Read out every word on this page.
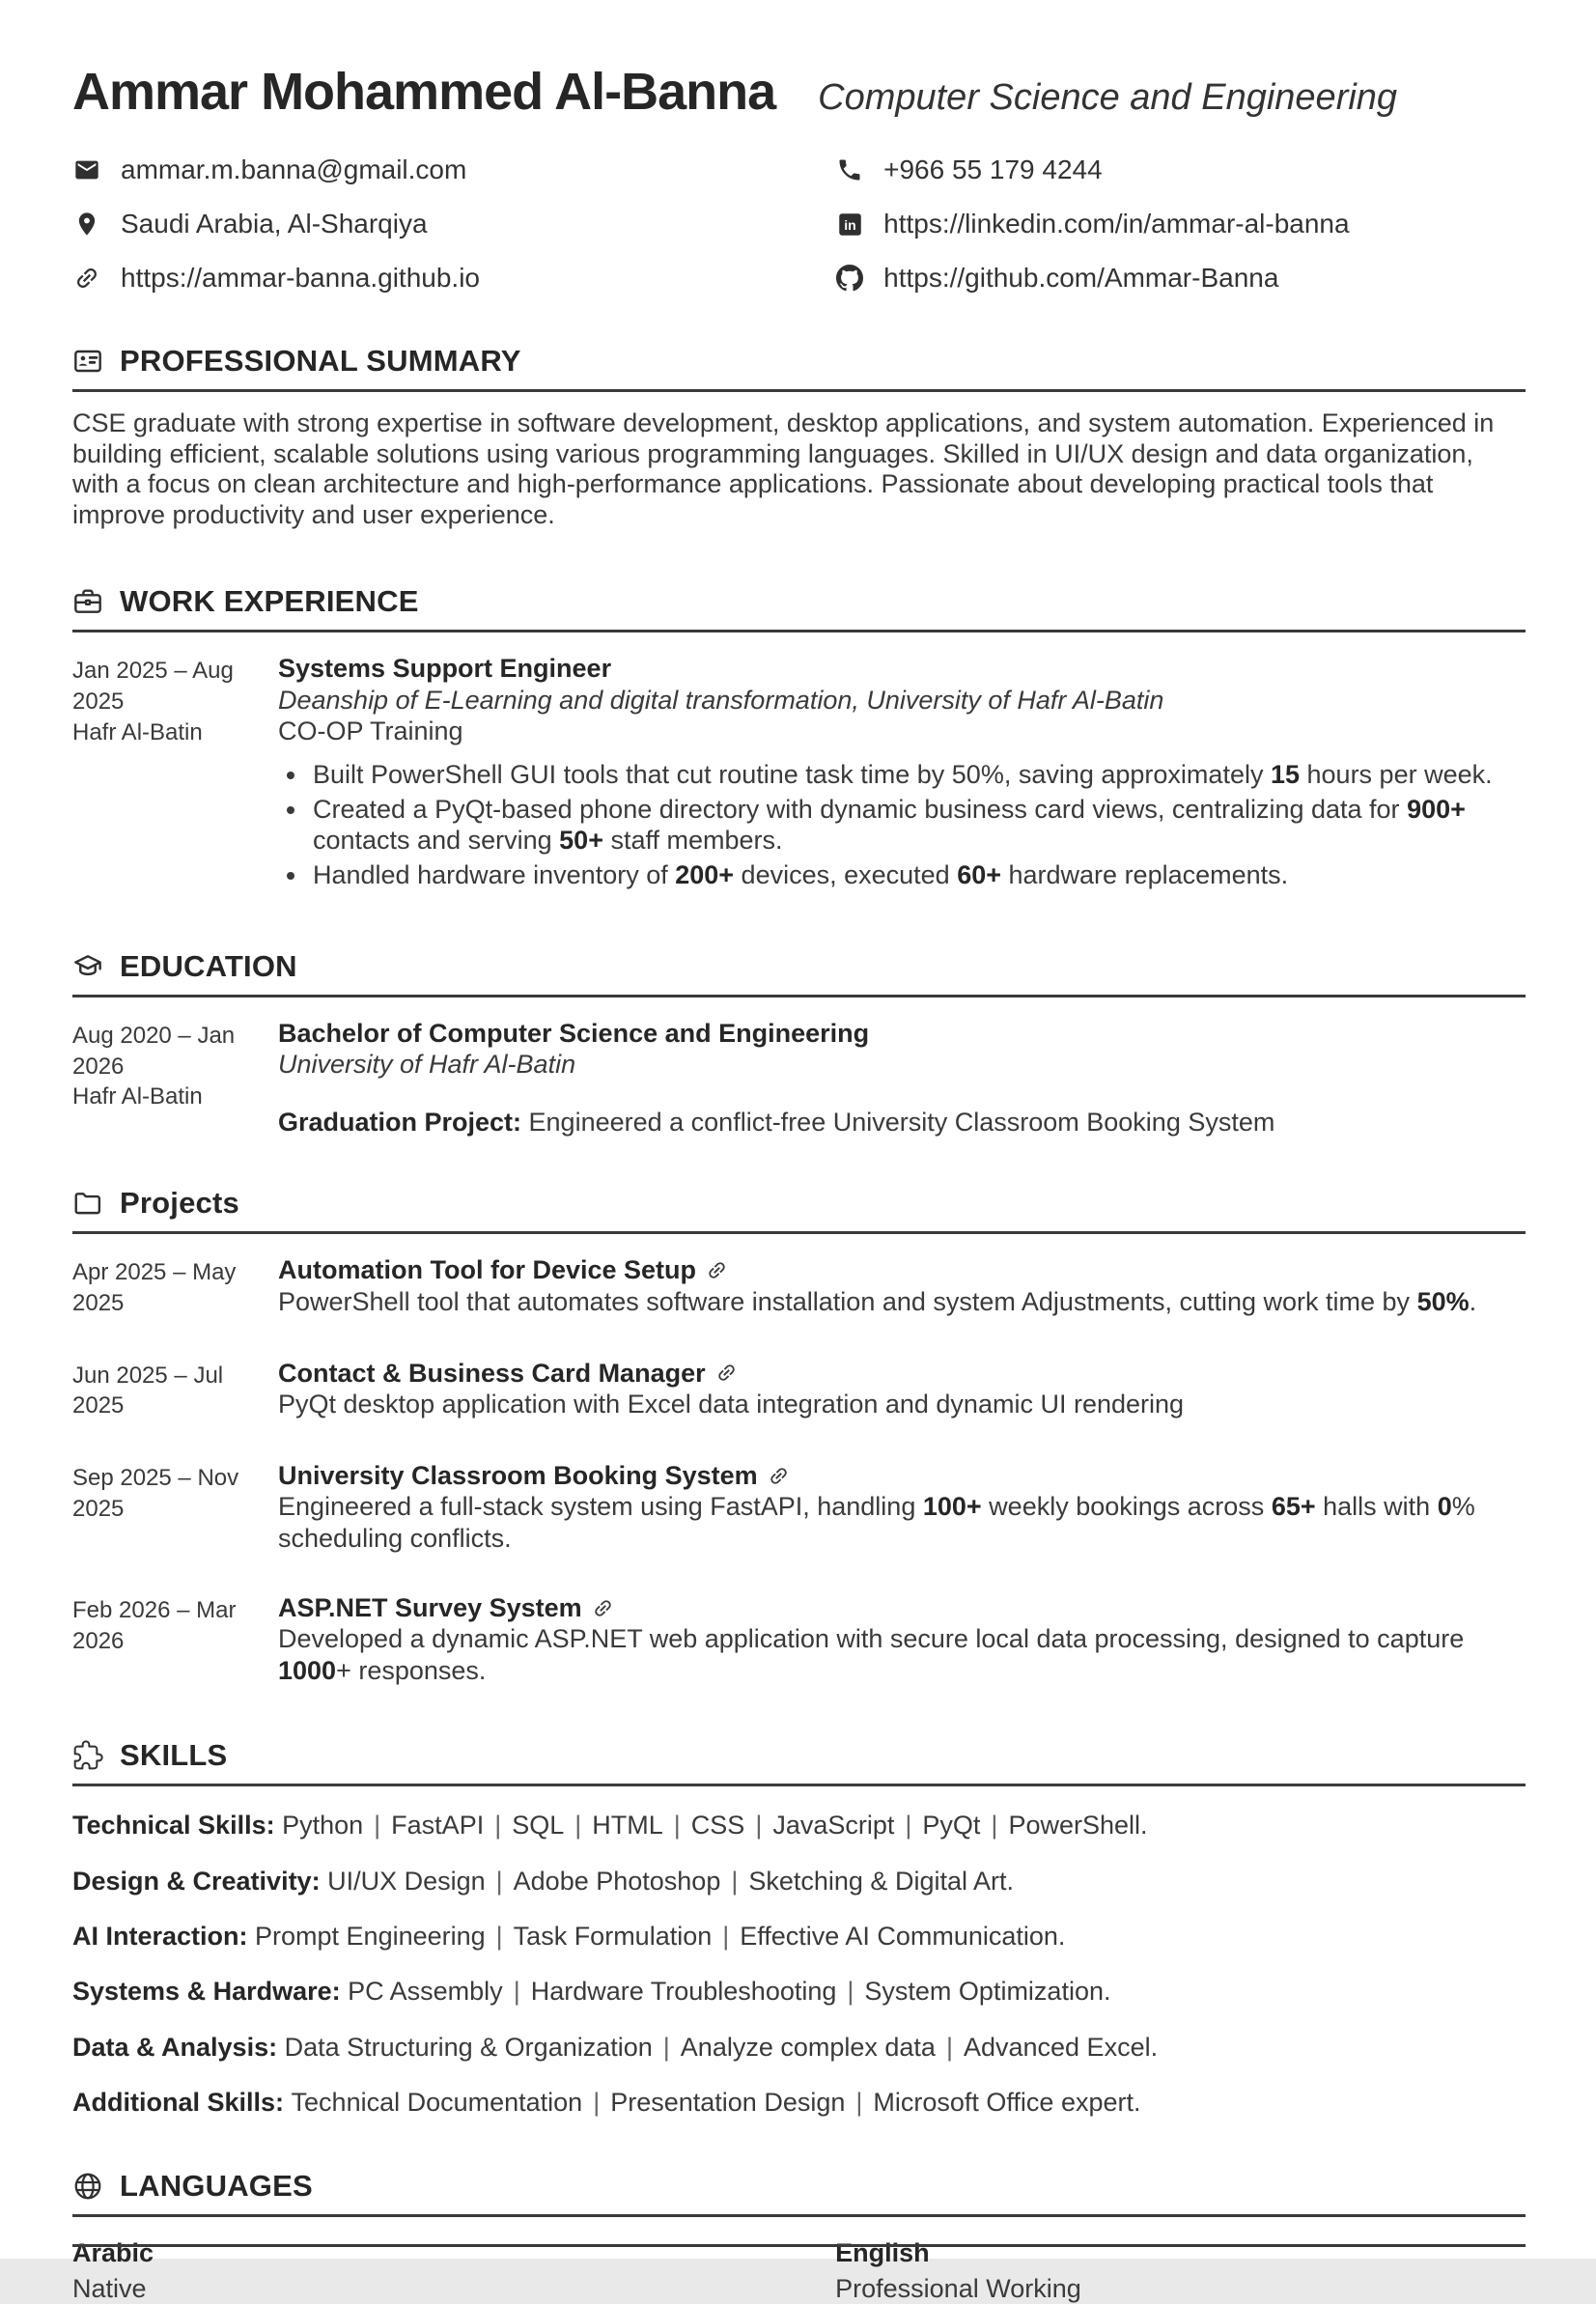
Ammar Mohammed Al-Banna Computer Science and Engineering
ammar.m.banna@gmail.com
Saudi Arabia, Al-Sharqiya
https://ammar-banna.github.io
+966 55 179 4244
in https://linkedin.com/in/ammar-al-banna
https://github.com/Ammar-Banna
PROFESSIONAL SUMMARY

CSE graduate with strong expertise in software development, desktop applications, and system automation. Experienced in building efficient, scalable solutions using various programming languages. Skilled in UI/UX design and data organization, with a focus on clean architecture and high-performance applications. Passionate about developing practical tools that improve productivity and user experience.

WORK EXPERIENCE
Jan 2025 – Aug 2025
Hafr Al-Batin
Systems Support Engineer
Deanship of E-Learning and digital transformation, University of Hafr Al-Batin
CO-OP Training
• Built PowerShell GUI tools that cut routine task time by 50%, saving approximately 15 hours per week.
• Created a PyQt-based phone directory with dynamic business card views, centralizing data for 900+ contacts and serving 50+ staff members.
• Handled hardware inventory of 200+ devices, executed 60+ hardware replacements.
EDUCATION
Aug 2020 – Jan 2026
Hafr Al-Batin
Bachelor of Computer Science and Engineering
University of Hafr Al-Batin
Graduation Project: Engineered a conflict-free University Classroom Booking System
Projects
Apr 2025 – May 2025
Automation Tool for Device Setup
PowerShell tool that automates software installation and system Adjustments, cutting work time by 50%.
Jun 2025 – Jul 2025
Contact & Business Card Manager
PyQt desktop application with Excel data integration and dynamic UI rendering
Sep 2025 – Nov 2025
University Classroom Booking System
Engineered a full-stack system using FastAPI, handling 100+ weekly bookings across 65+ halls with 0% scheduling conflicts.
Feb 2026 – Mar 2026
ASP.NET Survey System
Developed a dynamic ASP.NET web application with secure local data processing, designed to capture 1000+ responses.
SKILLS
Technical Skills: Python | FastAPI | SQL | HTML | CSS | JavaScript | PyQt | PowerShell.
Design & Creativity: UI/UX Design | Adobe Photoshop | Sketching & Digital Art.
AI Interaction: Prompt Engineering | Task Formulation | Effective AI Communication.
Systems & Hardware: PC Assembly | Hardware Troubleshooting | System Optimization.
Data & Analysis: Data Structuring & Organization | Analyze complex data | Advanced Excel.
Additional Skills: Technical Documentation | Presentation Design | Microsoft Office expert.
LANGUAGES
Arabic
Native
English
Professional Working
